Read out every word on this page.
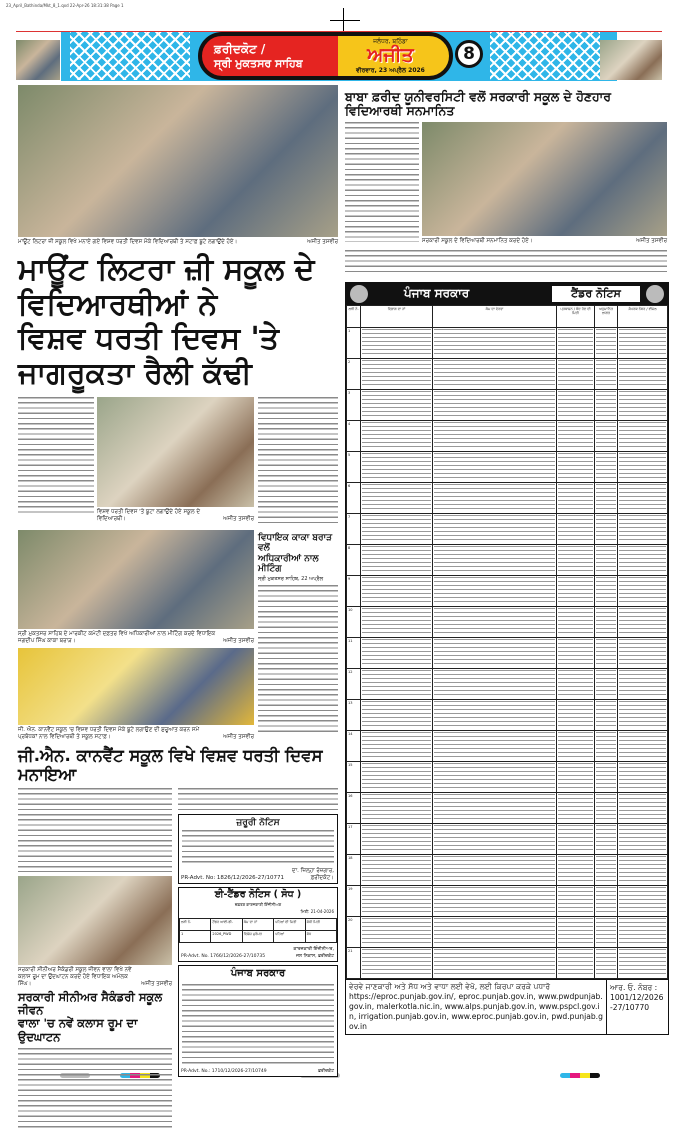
23_April_Bathinda/Mkt_8_1.qxd 22-Apr-26 18:31:38 Page 1
ਫ਼ਰੀਦਕੋਟ /
ਸ੍ਰੀ ਮੁਕਤਸਰ ਸਾਹਿਬ
ਜਲੰਧਰ, ਬਠਿੰਡਾ
ਅਜੀਤ
ਵੀਰਵਾਰ, 23 ਅਪ੍ਰੈਲ 2026
8
ਮਾਊਂਟ ਲਿਟਰਾ ਜ਼ੀ ਸਕੂਲ ਵਿਖੇ ਮਨਾਏ ਗਏ ਵਿਸ਼ਵ ਧਰਤੀ ਦਿਵਸ ਮੌਕੇ ਵਿਦਿਆਰਥੀ ਤੇ ਸਟਾਫ਼ ਬੂਟੇ ਲਗਾਉਂਦੇ ਹੋਏ।	ਅਜੀਤ ਤਸਵੀਰ
ਮਾਊਂਟ ਲਿਟਰਾ ਜ਼ੀ ਸਕੂਲ ਦੇ ਵਿਦਿਆਰਥੀਆਂ ਨੇ
ਵਿਸ਼ਵ ਧਰਤੀ ਦਿਵਸ 'ਤੇ ਜਾਗਰੂਕਤਾ ਰੈਲੀ ਕੱਢੀ
ਵਿਸ਼ਵ ਧਰਤੀ ਦਿਵਸ 'ਤੇ ਬੂਟਾ ਲਗਾਉਂਦੇ ਹੋਏ ਸਕੂਲ ਦੇ ਵਿਦਿਆਰਥੀ।	ਅਜੀਤ ਤਸਵੀਰ
ਸ੍ਰੀ ਮੁਕਤਸਰ ਸਾਹਿਬ ਦੇ ਮਾਰਕੀਟ ਕਮੇਟੀ ਦਫ਼ਤਰ ਵਿਖੇ ਅਧਿਕਾਰੀਆਂ ਨਾਲ ਮੀਟਿੰਗ ਕਰਦੇ ਵਿਧਾਇਕ ਜਗਦੀਪ ਸਿੰਘ ਕਾਕਾ ਬਰਾੜ।	ਅਜੀਤ ਤਸਵੀਰ
ਜੀ. ਐਨ. ਕਾਨਵੈਂਟ ਸਕੂਲ 'ਚ ਵਿਸ਼ਵ ਧਰਤੀ ਦਿਵਸ ਮੌਕੇ ਬੂਟੇ ਲਗਾਉਣ ਦੀ ਸ਼ੁਰੂਆਤ ਕਰਨ ਸਮੇਂ ਪ੍ਰਬੰਧਕਾਂ ਨਾਲ ਵਿਦਿਆਰਥੀ ਤੇ ਸਕੂਲ ਸਟਾਫ਼।	ਅਜੀਤ ਤਸਵੀਰ
ਵਿਧਾਇਕ ਕਾਕਾ ਬਰਾੜ ਵਲੋਂ
ਅਧਿਕਾਰੀਆਂ ਨਾਲ ਮੀਟਿੰਗ
ਸ੍ਰੀ ਮੁਕਤਸਰ ਸਾਹਿਬ, 22 ਅਪ੍ਰੈਲ
ਜੀ.ਐਨ. ਕਾਨਵੈਂਟ ਸਕੂਲ ਵਿਖੇ ਵਿਸ਼ਵ ਧਰਤੀ ਦਿਵਸ ਮਨਾਇਆ
ਸਰਕਾਰੀ ਸੀਨੀਅਰ ਸੈਕੰਡਰੀ ਸਕੂਲ ਜੀਵਨ ਵਾਲਾ ਵਿਖੇ ਨਵੇਂ ਕਲਾਸ ਰੂਮ ਦਾ ਉਦਘਾਟਨ ਕਰਦੇ ਹੋਏ ਵਿਧਾਇਕ ਅਮੋਲਕ ਸਿੰਘ।	ਅਜੀਤ ਤਸਵੀਰ
ਸਰਕਾਰੀ ਸੀਨੀਅਰ ਸੈਕੰਡਰੀ ਸਕੂਲ ਜੀਵਨ
ਵਾਲਾ 'ਚ ਨਵੇਂ ਕਲਾਸ ਰੂਮ ਦਾ ਉਦਘਾਟਨ
ਜ਼ਰੂਰੀ ਨੋਟਿਸ
ਦਾ. ਜ਼ਿਲ੍ਹਾ ਰੋਜ਼ਗਾਰ,
PR-Advt. No: 1826/12/2026-27/10771	ਫ਼ਰੀਦਕੋਟ।
ਈ-ਟੈਂਡਰ ਨੋਟਿਸ ( ਸੋਧ )
ਦਫ਼ਤਰ ਕਾਰਜਕਾਰੀ ਇੰਜੀਨੀਅਰ
ਮਿਤੀ: 21-04-2026
ਲੜੀ ਨੰ.	ਟੈਂਡਰ ਆਈ.ਡੀ.	ਕੰਮ ਦਾ ਨਾਂ	ਪਹਿਲਾਂ ਦੀ ਮਿਤੀ	ਸੋਧੀ ਮਿਤੀ
1	2026_PWD	ਵਿਸ਼ੇਸ਼ ਮੁਰੰਮਤ	ਪਹਿਲਾਂ	ਸੋਧ
ਕਾਰਜਕਾਰੀ ਇੰਜੀਨੀਅਰ,
PR-Advt. No. 1766/12/2026-27/10735	ਜਲ ਨਿਕਾਸ, ਫ਼ਰੀਦਕੋਟ
ਪੰਜਾਬ ਸਰਕਾਰ
PR-Advt. No.: 1710/12/2026-27/10749	ਫ਼ਰੀਦਕੋਟ
ਬਾਬਾ ਫ਼ਰੀਦ ਯੂਨੀਵਰਸਿਟੀ ਵਲੋਂ ਸਰਕਾਰੀ ਸਕੂਲ ਦੇ ਹੋਣਹਾਰ ਵਿਦਿਆਰਥੀ ਸਨਮਾਨਿਤ
ਸਰਕਾਰੀ ਸਕੂਲ ਦੇ ਵਿਦਿਆਰਥੀ ਸਨਮਾਨਿਤ ਕਰਦੇ ਹੋਏ।	ਅਜੀਤ ਤਸਵੀਰ
ਪੰਜਾਬ ਸਰਕਾਰ	ਟੈਂਡਰ ਨੋਟਿਸ
ਲੜੀ ਨੰ.	ਵਿਭਾਗ ਦਾ ਨਾਂ	ਕੰਮ ਦਾ ਵੇਰਵਾ	ਪ੍ਰਕਾਸ਼ਨ / ਬੰਦ ਹੋਣ ਦੀ ਮਿਤੀ	ਅਨੁਮਾਨਿਤ ਲਾਗਤ	ਸੰਪਰਕ ਨੰਬਰ / ਈਮੇਲ
1	

2	

3	

4	

5	

6	

7	

8	

9	

10	

11	

12	

13	

14	

15	

16	

17	

18	

19	

20	

21	

ਵੇਰਵੇ ਜਾਣਕਾਰੀ ਅਤੇ ਸੋਧ ਅਤੇ ਵਾਧਾ ਲਈ ਵੇਖੋ, ਲਈ ਕਿਰਪਾ ਕਰਕੇ ਪਧਾਰੋ
https://eproc.punjab.gov.in/, eproc.punjab.gov.in, www.pwdpunjab.gov.in, malerkotla.nic.in, www.alps.punjab.gov.in, www.pspcl.gov.in, irrigation.punjab.gov.in, www.eproc.punjab.gov.in, pwd.punjab.gov.in
ਆਰ. ਓ. ਨੰਬਰ :
1001/12/2026-27/10770
